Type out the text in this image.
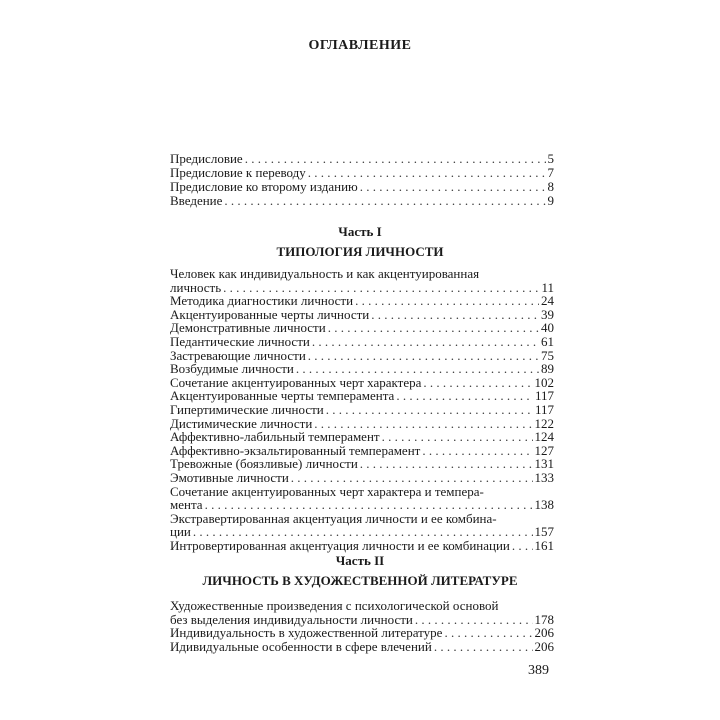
ОГЛАВЛЕНИЕ
Предисловие . . .	5
Предисловие к переводу . . .	7
Предисловие ко второму изданию . . .	8
Введение . . .	9
Часть I
ТИПОЛОГИЯ ЛИЧНОСТИ
Человек как индивидуальность и как акцентуированная
личность . . .	11
Методика диагностики личности . . .	24
Акцентуированные черты личности . . .	39
Демонстративные личности . . .	40
Педантические личности . . .	61
Застревающие личности . . .	75
Возбудимые личности . . .	89
Сочетание акцентуированных черт характера . . .	102
Акцентуированные черты темперамента . . .	117
Гипертимические личности . . .	117
Дистимические личности . . .	122
Аффективно-лабильный темперамент . . .	124
Аффективно-экзальтированный темперамент . . .	127
Тревожные (боязливые) личности . . .	131
Эмотивные личности . . .	133
Сочетание акцентуированных черт характера и темпера-
мента . . .	138
Экстравертированная акцентуация личности и ее комбина-
ции . . .	157
Интровертированная акцентуация личности и ее комбинации . . . 161
Часть II
ЛИЧНОСТЬ В ХУДОЖЕСТВЕННОЙ ЛИТЕРАТУРЕ
Художественные произведения с психологической основой
без выделения индивидуальности личности . . .	178
Индивидуальность в художественной литературе . . .	206
Идивидуальные особенности в сфере влечений . . .	206
389
